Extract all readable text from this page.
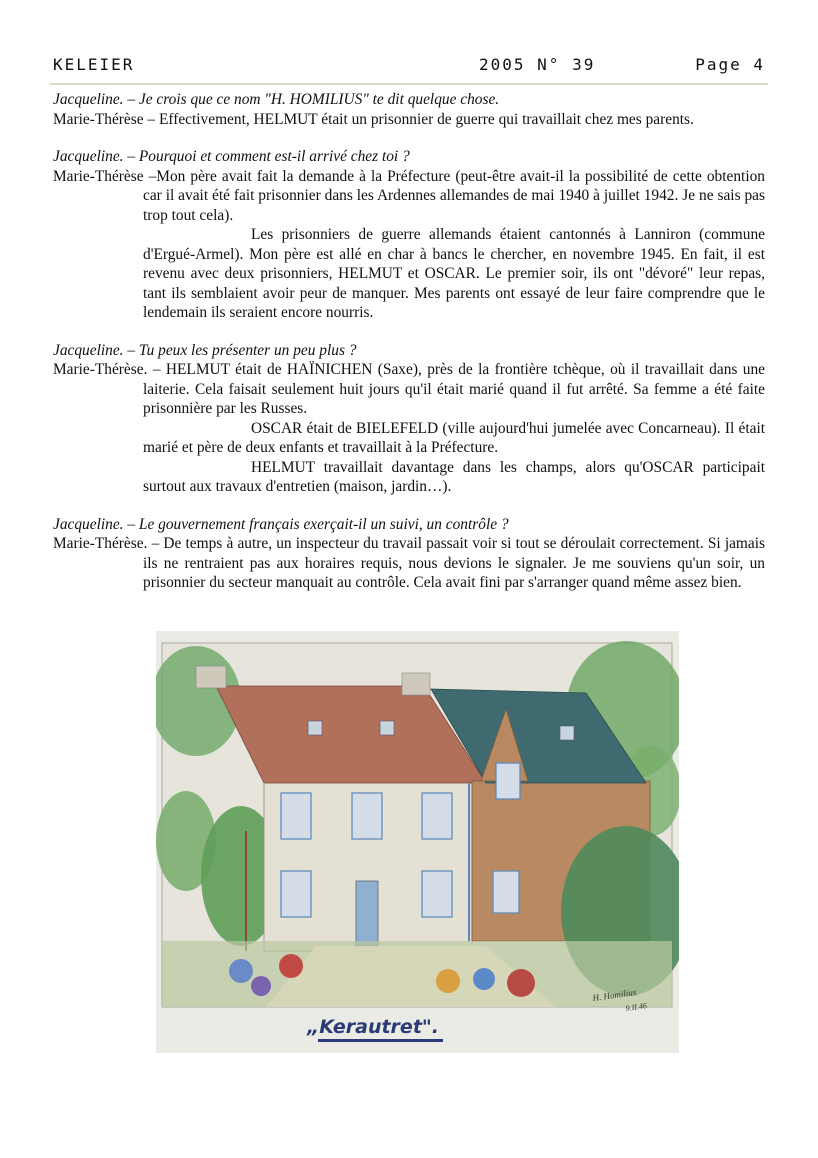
KELEIER	2005 N° 39	Page 4

Jacqueline. – Je crois que ce nom "H. HOMILIUS" te dit quelque chose.

Marie-Thérèse – Effectivement, HELMUT était un prisonnier de guerre qui travaillait chez mes parents.

Jacqueline. – Pourquoi et comment est-il arrivé chez toi ?

Marie-Thérèse –Mon père avait fait la demande à la Préfecture (peut-être avait-il la possibilité de cette obtention car il avait été fait prisonnier dans les Ardennes allemandes de mai 1940 à juillet 1942. Je ne sais pas trop tout cela).

Les prisonniers de guerre allemands étaient cantonnés à Lanniron (commune d'Ergué-Armel). Mon père est allé en char à bancs le chercher, en novembre 1945. En fait, il est revenu avec deux prisonniers, HELMUT et OSCAR. Le premier soir, ils ont "dévoré" leur repas, tant ils semblaient avoir peur de manquer. Mes parents ont essayé de leur faire comprendre que le lendemain ils seraient encore nourris.

Jacqueline. – Tu peux les présenter un peu plus ?

Marie-Thérèse. – HELMUT était de HAÏNICHEN (Saxe), près de la frontière tchèque, où il travaillait dans une laiterie. Cela faisait seulement huit jours qu'il était marié quand il fut arrêté. Sa femme a été faite prisonnière par les Russes.

OSCAR était de BIELEFELD (ville aujourd'hui jumelée avec Concarneau). Il était marié et père de deux enfants et travaillait à la Préfecture.

HELMUT travaillait davantage dans les champs, alors qu'OSCAR participait surtout aux travaux d'entretien (maison, jardin…).

Jacqueline. – Le gouvernement français exerçait-il un suivi, un contrôle ?

Marie-Thérèse. – De temps à autre, un inspecteur du travail passait voir si tout se déroulait correctement. Si jamais ils ne rentraient pas aux horaires requis, nous devions le signaler. Je me souviens qu'un soir, un prisonnier du secteur manquait au contrôle. Cela avait fini par s'arranger quand même assez bien.

H. Homilius
9.II.46
„Kerautret".
